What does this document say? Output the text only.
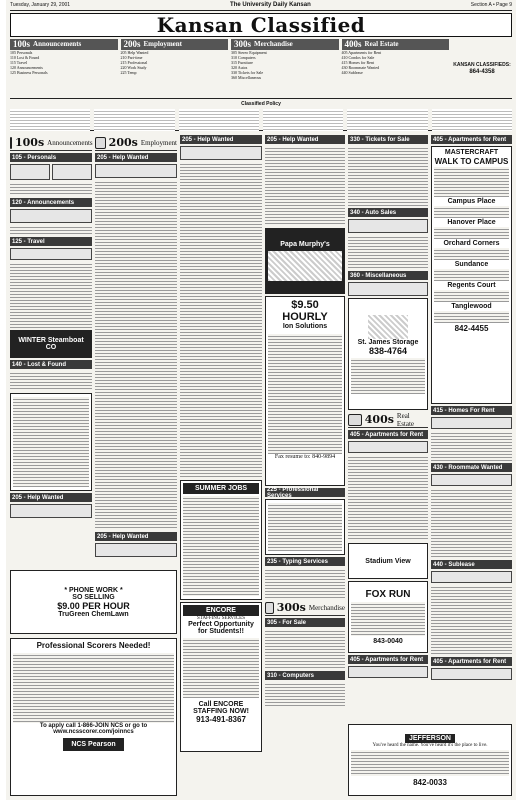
Tuesday, January 29, 2001	The University Daily Kansan	Section A • Page 9
Kansan Classified
100s Announcements
105 Personals
110 Lost & Found
115 Travel
120 Announcements
125 Business Personals
200s Employment
205 Help Wanted
210 Part-time
215 Professional
220 Work Study
225 Temp
300s Merchandise
305 Stereo Equipment
310 Computers
315 Furniture
320 Autos
330 Tickets for Sale
360 Miscellaneous
400s Real Estate
405 Apartments for Rent
410 Condos for Sale
415 Homes for Rent
430 Roommate Wanted
440 Sublease
KANSAN CLASSIFIEDS:
864-4358
Classified Policy
100s Announcements
105 - Personals
120 - Announcements
125 - Travel
WINTER Steamboat CO
140 - Lost & Found
205 - Help Wanted
200s Employment
205 - Help Wanted
205 - Help Wanted
* PHONE WORK *
SO SELLING
$9.00 PER HOUR
TruGreen ChemLawn
Professional Scorers Needed!
To apply call 1-866-JOIN NCS or go to www.ncsscorer.com/joinncs
NCS Pearson
205 - Help Wanted
SUMMER JOBS
ENCORE
STAFFING SERVICES
Perfect Opportunity for Students!!
Call ENCORE STAFFING NOW!
913-491-8367
205 - Help Wanted
Papa Murphy's
$9.50 HOURLY
Ion Solutions
Fax resume to: 840-9894
225 - Professional Services
235 - Typing Services
300s Merchandise
305 - For Sale
310 - Computers
330 - Tickets for Sale
340 - Auto Sales
360 - Miscellaneous
St. James Storage
838-4764
400s Real Estate
405 - Apartments for Rent
Stadium View
FOX RUN
843-0040
405 - Apartments for Rent
405 - Apartments for Rent
MASTERCRAFT
WALK TO CAMPUS
Campus Place
Hanover Place
Orchard Corners
Sundance
Regents Court
Tanglewood
842-4455
415 - Homes For Rent
430 - Roommate Wanted
440 - Sublease
405 - Apartments for Rent
JEFFERSON
You've heard the name. You've heard it's the place to live.
842-0033
